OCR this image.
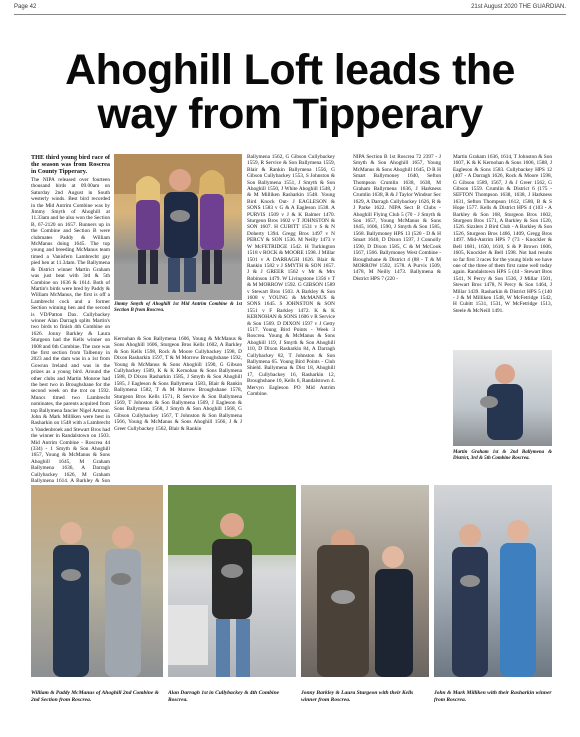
Page 42	21st August 2020 THE GUARDIAN.
Ahoghill Loft leads the
way from Tipperary

THE third young bird race of the season was from Roscrea in County Tipperary.

The NIPA released over fourteen thousand birds at 09.00am on Saturday 2nd August in South westerly winds. Best bird recorded in the Mid Antrim Combine was by Jimmy Smyth of Ahoghill at 11.33am and he also won the Section B, 67-2120 on 1657. Runners up in the Combine and Section B were clubmates Paddy & William McManus doing 1645. The top young and breeding McManus team timed a Vanisfern Lambrecht gay pied hen at 11.34am. The Ballymena & District winner Martin Graham was just beat with 3rd & 5th Combine on 1636 & 1614. Both of Martin's birds were bred by Paddy & William McManus, the first is off a Lambrecht cock and a former Section winning hen and the second is VD/Patton Dax. Cullybackey winner Alan Darragh splits Martin's two birds to finish 4th Combine on 1626. Jonny Barkley & Laura Sturgeon had the Kells winner on 1608 and 6th Combine. The race was the first section from Talbenny in 2023 and the dam was in a 1st from Gowran Ireland and was in the prizes as a young bird. Around the other clubs and Martin Monroe had the best two in Broughshane for the second week on the trot on 1592. Muncs timed two Lambrecht nominates, the parents acquired from top Ballymena fancier Nigel Armour. John & Mark Milliken were best in Rasharkin on 1548 with a Lambrecht x Vandenbroek and Stewart Bros had the winner in Randalstown on 1503. Mid Antrim Combine - Roscrea 44 (334) - 1 Smyth & Son Ahoghill 1657, Young & McManus & Sons Ahoghill 1645, M Graham Ballymena 1636, A Darragh Cullybackey 1626, M Graham Ballymena 1614. A Barkley & Son

Jimmy Smyth of Ahoghill 1st Mid Antrim Combine & 1st Section B from Roscrea.
Kernohan & Son Ballymena 1606, Young & McManus & Sons Ahoghill 1606, Sturgeon Bros Kells 1602, A Barkley & Son Kells 1598, Rock & Moore Cullybackey 1598, D Dixon Rasharkin 1597, T & M Morrow Broughshane 1592, Young & McManus & Sons Ahoghill 1590, G Gibson Cullybackey 1589, K & K Kernohan & Sons Ballymena 1588, D Dixon Rasharkin 1585, J Smyth & Son Ahoghill 1585, J Eagleson & Sons Ballymena 1583, Blair & Rankin Ballymena 1582, T & M Morrow Broughshane 1578, Sturgeon Bros Kells 1571, R Service & Son Ballymena 1569, T Johnston & Son Ballymena 1569, J Eagleson & Sons Ballymena 1568, J Smyth & Son Ahoghill 1568, G Gibson Cullybackey 1567, T Johnston & Son Ballymena 1566, Young & McManus & Sons Ahoghill 1566, J & J Greer Cullybackey 1562, Blair & Rankin

Ballymena 1562, G Gibson Cullybackey 1559, R Service & Son Ballymena 1559, Blair & Rankin Ballymena 1556, G Gibson Cullybackey 1553, S Johnston & Son Ballymena 1551, J Smyth & Son Ahoghill 1550, J White Ahoghill 1548, J & M Milliken Rasharkin 1548. Young Bird Knock Out- J EAGLESON & SONS 1583 v G & A Eagleson 1538. A PURVIS 1509 v J & K Balmer 1470. Sturgeon Bros 1602 v T JOHNSTON & SON 1607. H CUBITT 1531 v S & N Doherty 1394. Gregg Bros 1497 v N PERCY & SON 1536. M Neilly 1473 v W McFETRIDGE 1542. H Turkington 1518 v ROCK & MOORE 1598. J Millar 1501 v A DARRAGH 1626. Blair & Rankin 1582 v J SMYTH & SON 1657. J & J GREER 1562 v Mr & Mrs Robinson 1479. W Livingstone 1356 v T & M MORROW 1592. G GIBSON 1589 v Stewart Bros 1503. A Barkley & Son 1608 v YOUNG & McMANUS & SONS 1645. S JOHNSTON & SON 1551 v F Barkley 1472. K & K KERNOHAN & SONS 1606 v R Service & Son 1569. D DIXON 1597 v J Getty 1517. Young Bird Points - Week 3 Roscrea. Young & McManus & Sons Ahoghill 119, J Smyth & Son Ahoghill 110, D Dixon Rasharkin 84, A Darragh Cullybackey 82, T Johnston & Son Ballymena 65. Young Bird Points - Club Shield. Ballymena & Dist 18, Ahoghill 17, Cullybackey 16, Rasharkin 12, Broughshane 10, Kells 6, Randalstown 4. Mervyn Eagleson PO Mid Antrim Combine.

NIPA Section B 1st Roscrea 72 2397 - J Smyth & Son Ahoghill 1657, Young McManus & Sons Ahoghill 1645, D R H Smart Ballymoney 1640, Sefton Thompson Crumlin 1638, 1638, M Graham Ballymena 1636, J Harkness Crumlin 1638, R & J Taylor Windsor Sec 1629, A Darragh Cullybackey 1626, R & J Parke 1622. NIPA Sect B Clubs - Ahoghill Flying Club 5 (70 - J Smyth & Son 1657, Young McManus & Sons 1645, 1606, 1590, J Smyth & Son 1585, 1568. Ballymoney HPS 13 (520 - D & H Smart 1640, D Dixon 1597, J Connolly 1590, D Dixon 1585, C & M McCook 1567, 1566. Ballymoney West Combine - Broughshane & District 4 (88 - T & M MORROW 1592, 1578. A Purvis 1509, 1478, M Neilly 1473. Ballymena & District HPS 7 (220 -

Martin Graham 1636, 1614, T Johnston & Son 1607, K & K Kernohan & Sons 1606, 1588, J Eagleson & Sons 1583. Cullybackey HPS 12 (407 - A Darragh 1626, Rock & Moore 1598, G Gibson 1589, 1567, J & J Greer 1562, G Gibson 1559. Crumlin & District 6 (175 - SEFTON Thompson 1638, 1638, J Harkness 1631, Sefton Thompson 1612, 1580, B & S Hope 1577. Kells & District HPS 4 (103 - A Barkley & Son 168, Sturgeon Bros 1602, Sturgeon Bros 1571, A Barkley & Son 1520, 1526. Sizzlers 2 Bird Club - A Barkley & Son 1526, Sturgeon Bros 1466, 1409, Gregg Bros 1497. Mid-Antrim HPS 7 (73 - Knockler & Bell 1681, 1630, 1610, S & P Brown 1606, 1605, Knockler & Bell 1598. Not bad results so far first 3 races for the young birds we have one of the three of them first came well today again. Randalstown HPS 5 (44 - Stewart Bros 1541, N Percy & Son 1536, J Millar 1501, Stewart Bros 1478, N Percy & Son 1464, J Millar 1439. Rasharkin & District HPS 5 (140 - J & M Milliken 1548, W McFetridge 1542, H Cubitt 1531, 1531, W McFetridge 1513, Steele & McNeill 1491.
Martin Graham 1st & 2nd Ballymena & District, 3rd & 5th Combine Roscrea.
William & Paddy McManus of Ahoghill 2nd Combine & 2nd Section from Roscrea.
Alan Darragh 1st in Cullybackey & 4th Combine Roscrea.
Jonny Barkley & Laura Sturgeon with their Kells winner from Roscrea.
John & Mark Milliken with their Rasharkin winner from Roscrea.
